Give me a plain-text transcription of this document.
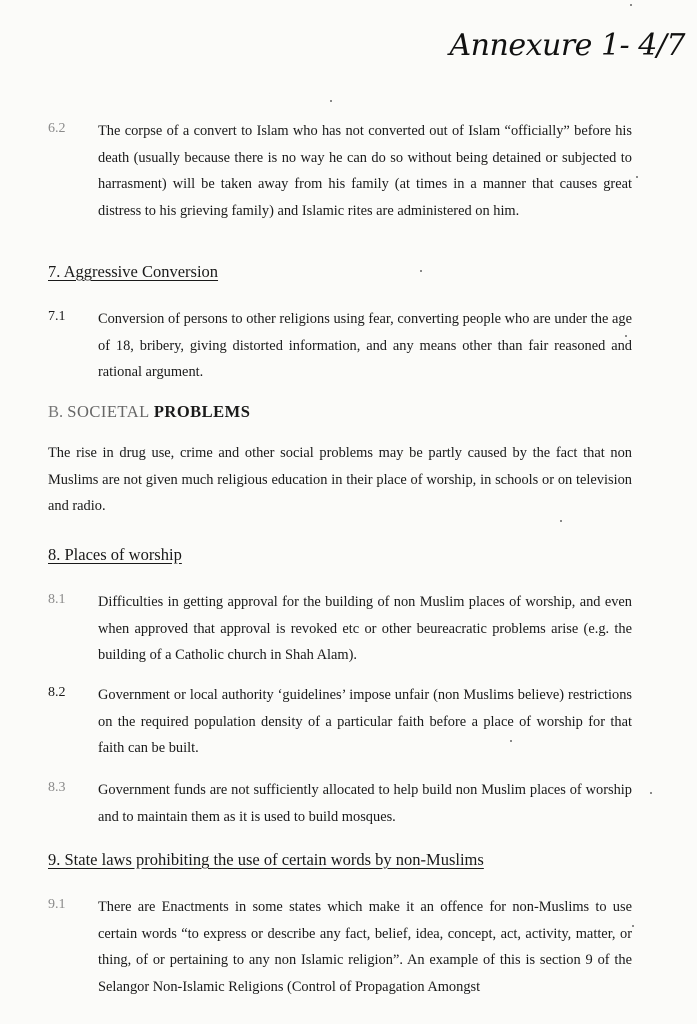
Annexure 1- 4/7
6.2	The corpse of a convert to Islam who has not converted out of Islam “officially” before his death (usually because there is no way he can do so without being detained or subjected to harrasment) will be taken away from his family (at times in a manner that causes great distress to his grieving family) and Islamic rites are administered on him.
7. Aggressive Conversion
7.1	Conversion of persons to other religions using fear, converting people who are under the age of 18, bribery, giving distorted information, and any means other than fair reasoned and rational argument.
B. SOCIETAL PROBLEMS
The rise in drug use, crime and other social problems may be partly caused by the fact that non Muslims are not given much religious education in their place of worship, in schools or on television and radio.
8. Places of worship
8.1	Difficulties in getting approval for the building of non Muslim places of worship, and even when approved that approval is revoked etc or other beureacratic problems arise (e.g. the building of a Catholic church in Shah Alam).
8.2	Government or local authority ‘guidelines’ impose unfair (non Muslims believe) restrictions on the required population density of a particular faith before a place of worship for that faith can be built.
8.3	Government funds are not sufficiently allocated to help build non Muslim places of worship and to maintain them as it is used to build mosques.
9. State laws prohibiting the use of certain words by non-Muslims
9.1	There are Enactments in some states which make it an offence for non-Muslims to use certain words “to express or describe any fact, belief, idea, concept, act, activity, matter, or thing, of or pertaining to any non Islamic religion”. An example of this is section 9 of the Selangor Non-Islamic Religions (Control of Propagation Amongst
